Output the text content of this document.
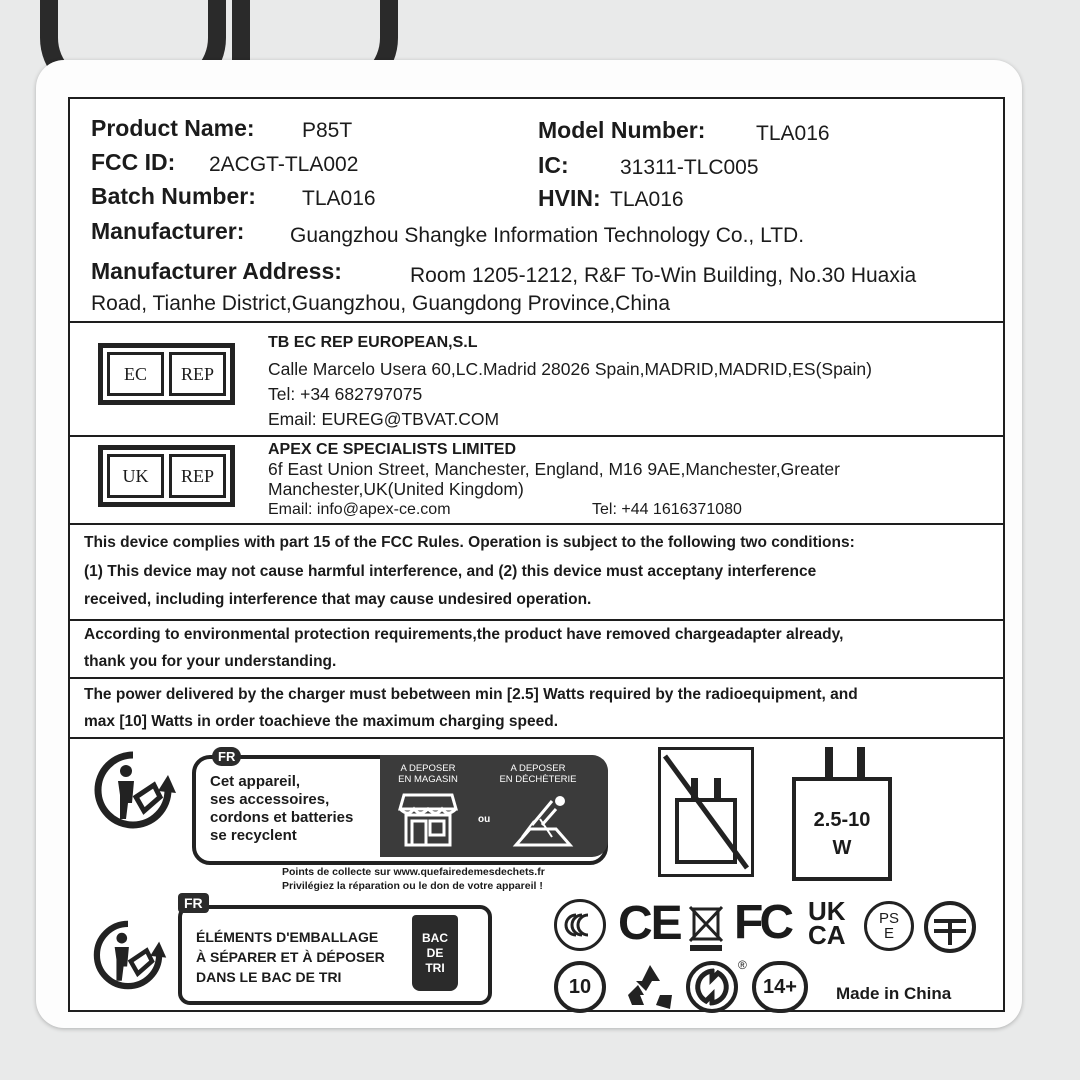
Product Name: P85T	Model Number: TLA016
FCC ID: 2ACGT-TLA002	IC: 31311-TLC005
Batch Number: TLA016	HVIN: TLA016
Manufacturer: Guangzhou Shangke Information Technology Co., LTD.
Manufacturer Address:	Room 1205-1212, R&F To-Win Building, No.30 Huaxia
Road, Tianhe District,Guangzhou, Guangdong Province,China
EC	REP
TB EC REP EUROPEAN,S.L
Calle Marcelo Usera 60,LC.Madrid 28026 Spain,MADRID,MADRID,ES(Spain)
Tel: +34 682797075
Email: EUREG@TBVAT.COM
UK	REP
APEX CE SPECIALISTS LIMITED
6f East Union Street, Manchester, England, M16 9AE,Manchester,Greater
Manchester,UK(United Kingdom)
Email: info@apex-ce.com	Tel: +44 1616371080
This device complies with part 15 of the FCC Rules. Operation is subject to the following two conditions:
(1) This device may not cause harmful interference, and (2) this device must acceptany interference
received, including interference that may cause undesired operation.
According to environmental protection requirements,the product have removed chargeadapter already,
thank you for your understanding.
The power delivered by the charger must bebetween min [2.5] Watts required by the radioequipment, and
max [10] Watts in order toachieve the maximum charging speed.
FR
Cet appareil,
ses accessoires,
cordons et batteries
se recyclent
A DEPOSER
EN MAGASIN
A DEPOSER
EN DÉCHÈTERIE
ou
Points de collecte sur www.quefairedemesdechets.fr
Privilégiez la réparation ou le don de votre appareil !
FR
ÉLÉMENTS D'EMBALLAGE
À SÉPARER ET À DÉPOSER
DANS LE BAC DE TRI
BAC
DE
TRI
2.5-10
W
CE FC UK
CA
PS
E
10
®
14+ Made in China
